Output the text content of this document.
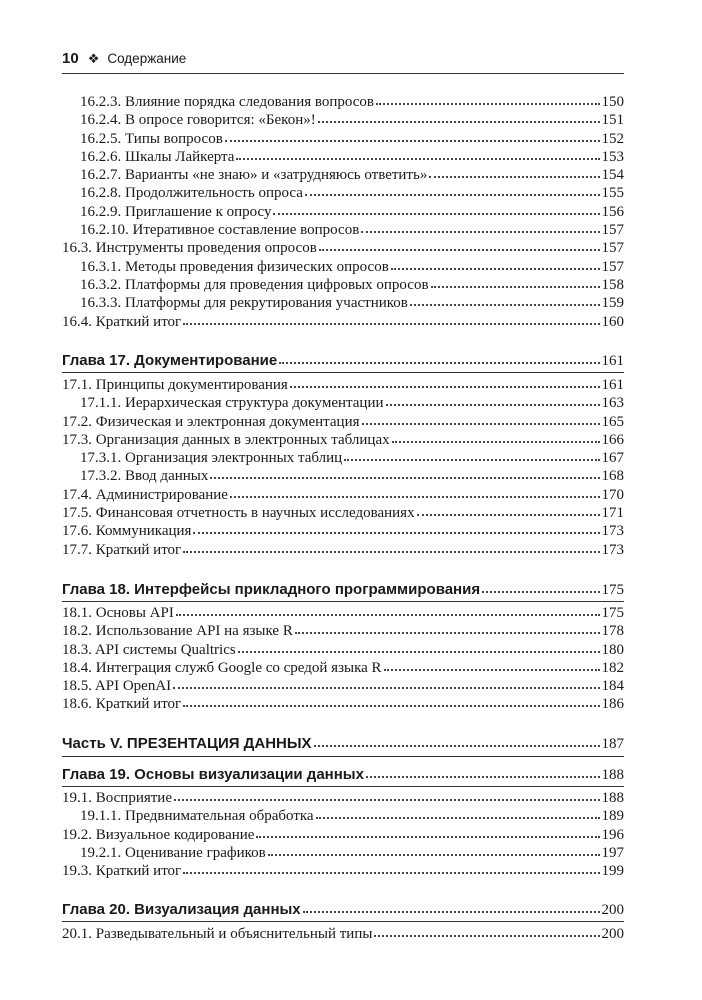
10 ❖ Содержание
16.2.3. Влияние порядка следования вопросов	150
16.2.4. В опросе говорится: «Бекон»!	151
16.2.5. Типы вопросов	152
16.2.6. Шкалы Лайкерта	153
16.2.7. Варианты «не знаю» и «затрудняюсь ответить»	154
16.2.8. Продолжительность опроса	155
16.2.9. Приглашение к опросу	156
16.2.10. Итеративное составление вопросов	157
16.3. Инструменты проведения опросов	157
16.3.1. Методы проведения физических опросов	157
16.3.2. Платформы для проведения цифровых опросов	158
16.3.3. Платформы для рекрутирования участников	159
16.4. Краткий итог	160
Глава 17. Документирование	161
17.1. Принципы документирования	161
17.1.1. Иерархическая структура документации	163
17.2. Физическая и электронная документация	165
17.3. Организация данных в электронных таблицах	166
17.3.1. Организация электронных таблиц	167
17.3.2. Ввод данных	168
17.4. Администрирование	170
17.5. Финансовая отчетность в научных исследованиях	171
17.6. Коммуникация	173
17.7. Краткий итог	173
Глава 18. Интерфейсы прикладного программирования	175
18.1. Основы API	175
18.2. Использование API на языке R	178
18.3. API системы Qualtrics	180
18.4. Интеграция служб Google со средой языка R	182
18.5. API OpenAI	184
18.6. Краткий итог	186
Часть V. ПРЕЗЕНТАЦИЯ ДАННЫХ	187
Глава 19. Основы визуализации данных	188
19.1. Восприятие	188
19.1.1. Предвнимательная обработка	189
19.2. Визуальное кодирование	196
19.2.1. Оценивание графиков	197
19.3. Краткий итог	199
Глава 20. Визуализация данных	200
20.1. Разведывательный и объяснительный типы	200
